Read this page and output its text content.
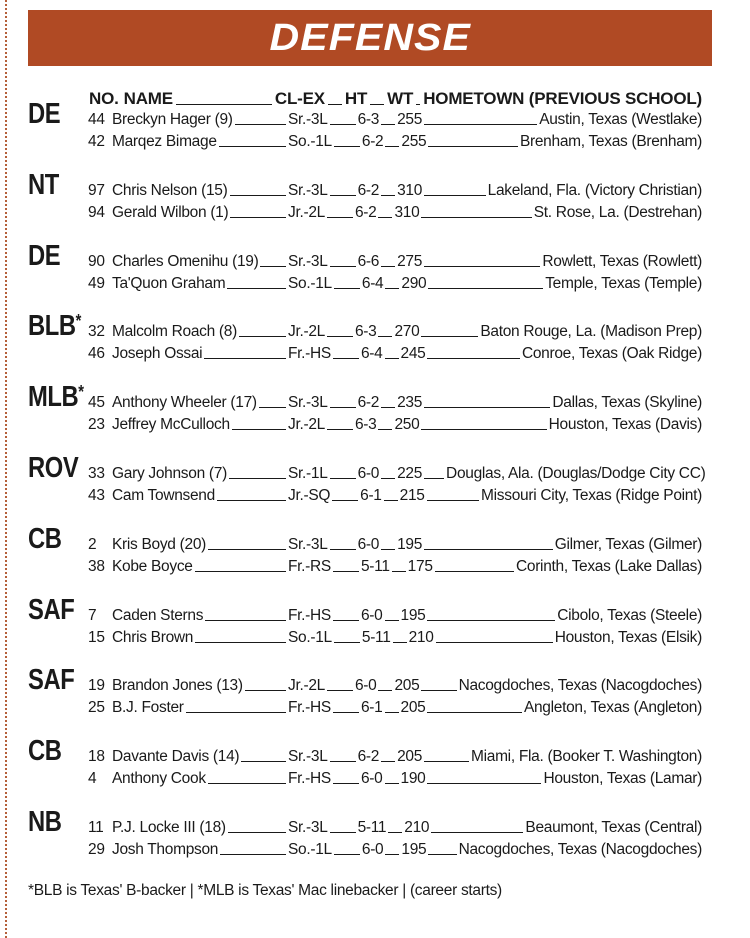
DEFENSE
NO. NAME	CL-EX HT WT HOMETOWN (PREVIOUS SCHOOL)
DE 44 Breckyn Hager (9)	Sr.-3L 6-3 255	Austin, Texas (Westlake)
42 Marqez Bimage	So.-1L 6-2 255	Brenham, Texas (Brenham)
NT 97 Chris Nelson (15)	Sr.-3L 6-2 310	Lakeland, Fla. (Victory Christian)
94 Gerald Wilbon (1)	Jr.-2L 6-2 310	St. Rose, La. (Destrehan)
DE 90 Charles Omenihu (19) Sr.-3L 6-6 275	Rowlett, Texas (Rowlett)
49 Ta'Quon Graham	So.-1L 6-4 290	Temple, Texas (Temple)
BLB*
32 Malcolm Roach (8)	Jr.-2L 6-3 270	Baton Rouge, La. (Madison Prep)
46 Joseph Ossai	Fr.-HS 6-4 245	Conroe, Texas (Oak Ridge)
MLB*
45 Anthony Wheeler (17) Sr.-3L 6-2 235	Dallas, Texas (Skyline)
23 Jeffrey McCulloch	Jr.-2L 6-3 250	Houston, Texas (Davis)
ROV 33 Gary Johnson (7)	Sr.-1L 6-0 225 Douglas, Ala. (Douglas/Dodge City CC)
43 Cam Townsend	Jr.-SQ 6-1 215	Missouri City, Texas (Ridge Point)
CB 2	Kris Boyd (20)	Sr.-3L 6-0 195	Gilmer, Texas (Gilmer)
38 Kobe Boyce	Fr.-RS 5-11 175	Corinth, Texas (Lake Dallas)
SAF 7	Caden Sterns	Fr.-HS 6-0 195	Cibolo, Texas (Steele)
15 Chris Brown	So.-1L 5-11 210	Houston, Texas (Elsik)
SAF 19 Brandon Jones (13)	Jr.-2L 6-0 205	Nacogdoches, Texas (Nacogdoches)
25 B.J. Foster	Fr.-HS 6-1 205	Angleton, Texas (Angleton)
CB 18 Davante Davis (14)	Sr.-3L 6-2 205	Miami, Fla. (Booker T. Washington)
4	Anthony Cook	Fr.-HS 6-0 190	Houston, Texas (Lamar)
NB 11 P.J. Locke III (18)	Sr.-3L 5-11 210	Beaumont, Texas (Central)
29 Josh Thompson	So.-1L 6-0 195 Nacogdoches, Texas (Nacogdoches)
*BLB is Texas' B-backer | *MLB is Texas' Mac linebacker | (career starts)
